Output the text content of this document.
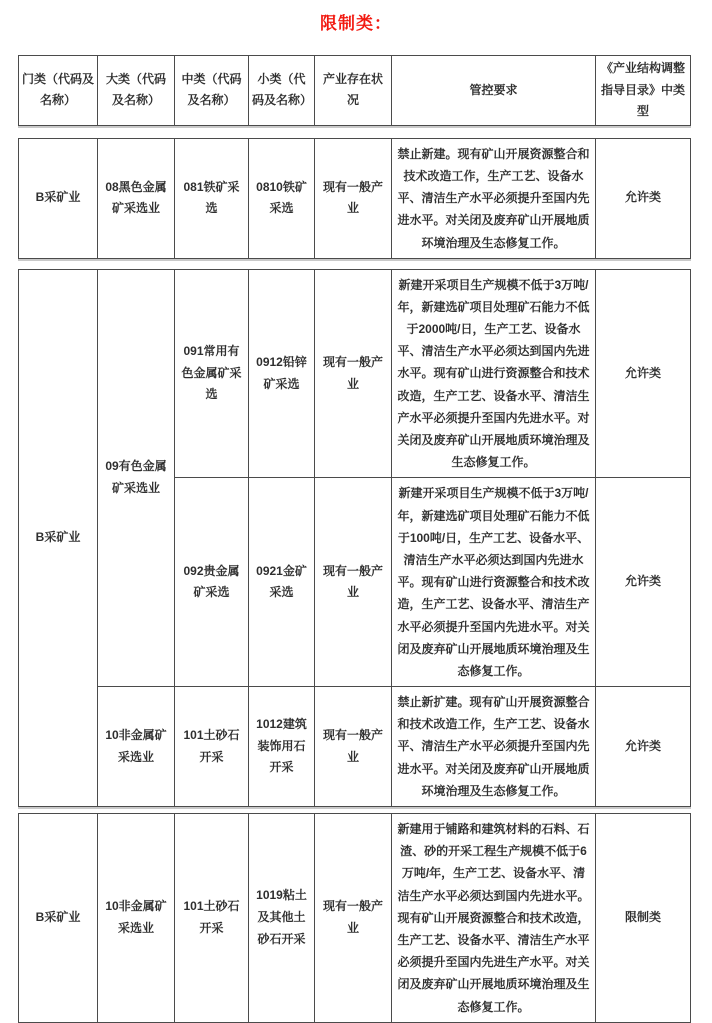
限制类：
门类（代码及名称）	大类（代码及名称）	中类（代码及名称）	小类（代码及名称）	产业存在状况	管控要求	《产业结构调整指导目录》中类型
B采矿业	08黑色金属矿采选业	081铁矿采选	0810铁矿采选	现有一般产业	禁止新建。现有矿山开展资源整合和技术改造工作，生产工艺、设备水平、清洁生产水平必须提升至国内先进水平。对关闭及废弃矿山开展地质环境治理及生态修复工作。	允许类
B采矿业	09有色金属矿采选业	091常用有色金属矿采选	0912铅锌矿采选	现有一般产业	新建开采项目生产规模不低于3万吨/年，新建选矿项目处理矿石能力不低于2000吨/日，生产工艺、设备水平、清洁生产水平必须达到国内先进水平。现有矿山进行资源整合和技术改造，生产工艺、设备水平、清洁生产水平必须提升至国内先进水平。对关闭及废弃矿山开展地质环境治理及生态修复工作。	允许类
		092贵金属矿采选	0921金矿采选	现有一般产业	新建开采项目生产规模不低于3万吨/年，新建选矿项目处理矿石能力不低于100吨/日，生产工艺、设备水平、清洁生产水平必须达到国内先进水平。现有矿山进行资源整合和技术改造，生产工艺、设备水平、清洁生产水平必须提升至国内先进水平。对关闭及废弃矿山开展地质环境治理及生态修复工作。	允许类
	10非金属矿采选业	101土砂石开采	1012建筑装饰用石开采	现有一般产业	禁止新扩建。现有矿山开展资源整合和技术改造工作，生产工艺、设备水平、清洁生产水平必须提升至国内先进水平。对关闭及废弃矿山开展地质环境治理及生态修复工作。	允许类
B采矿业	10非金属矿采选业	101土砂石开采	1019粘土及其他土砂石开采	现有一般产业	新建用于铺路和建筑材料的石料、石渣、砂的开采工程生产规模不低于6万吨/年，生产工艺、设备水平、清洁生产水平必须达到国内先进水平。现有矿山开展资源整合和技术改造，生产工艺、设备水平、清洁生产水平必须提升至国内先进生产水平。对关闭及废弃矿山开展地质环境治理及生态修复工作。	限制类
